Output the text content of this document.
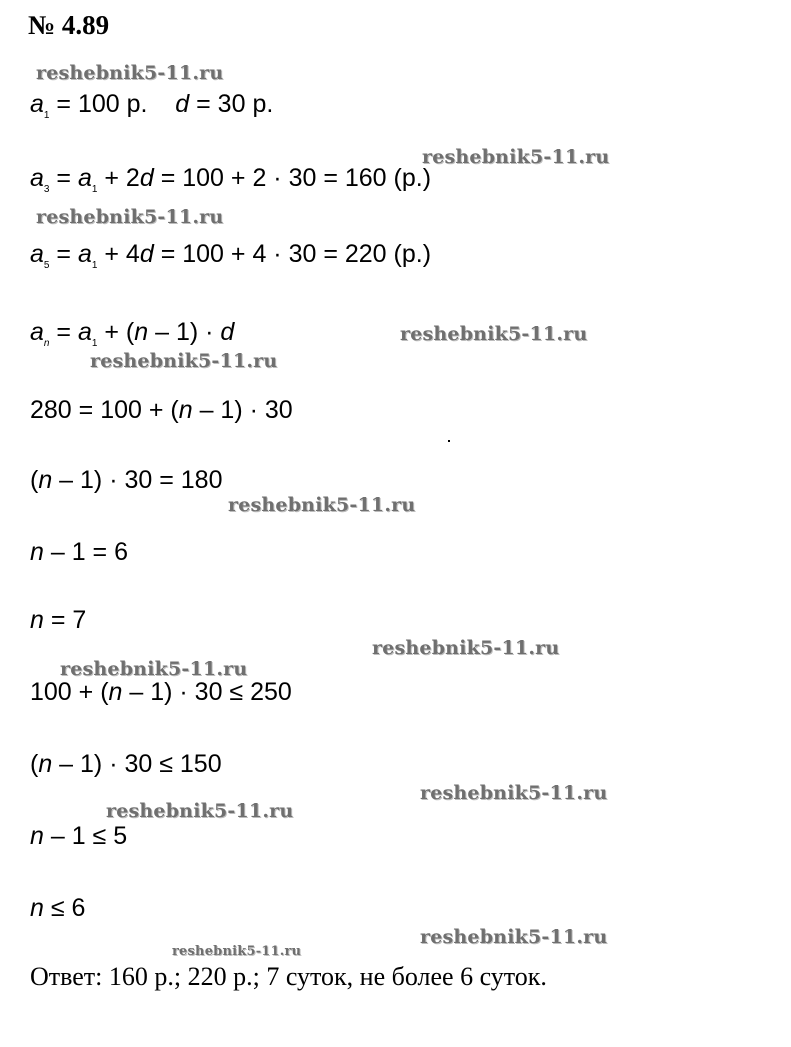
№ 4.89
reshebnik5-11.ru
$a_1 = 100$ р. d = 30 р.
reshebnik5-11.ru
$a_3 = a_1 + 2d = 100 + 2 \cdot 30 = 160$ (р.)
reshebnik5-11.ru
$a_5 = a_1 + 4d = 100 + 4 \cdot 30 = 220$ (р.)
$a_n = a_1 + (n - 1) \cdot d$	reshebnik5-11.ru
reshebnik5-11.ru
280 = 100 + (n – 1) · 30
(n – 1) · 30 = 180
reshebnik5-11.ru
n – 1 = 6
n = 7
reshebnik5-11.ru
reshebnik5-11.ru
100 + (n – 1) · 30 ≤ 250
(n – 1) · 30 ≤ 150
reshebnik5-11.ru
reshebnik5-11.ru
n – 1 ≤ 5
n ≤ 6
reshebnik5-11.ru
reshebnik5-11.ru
Ответ: 160 р.; 220 р.; 7 суток, не более 6 суток.
